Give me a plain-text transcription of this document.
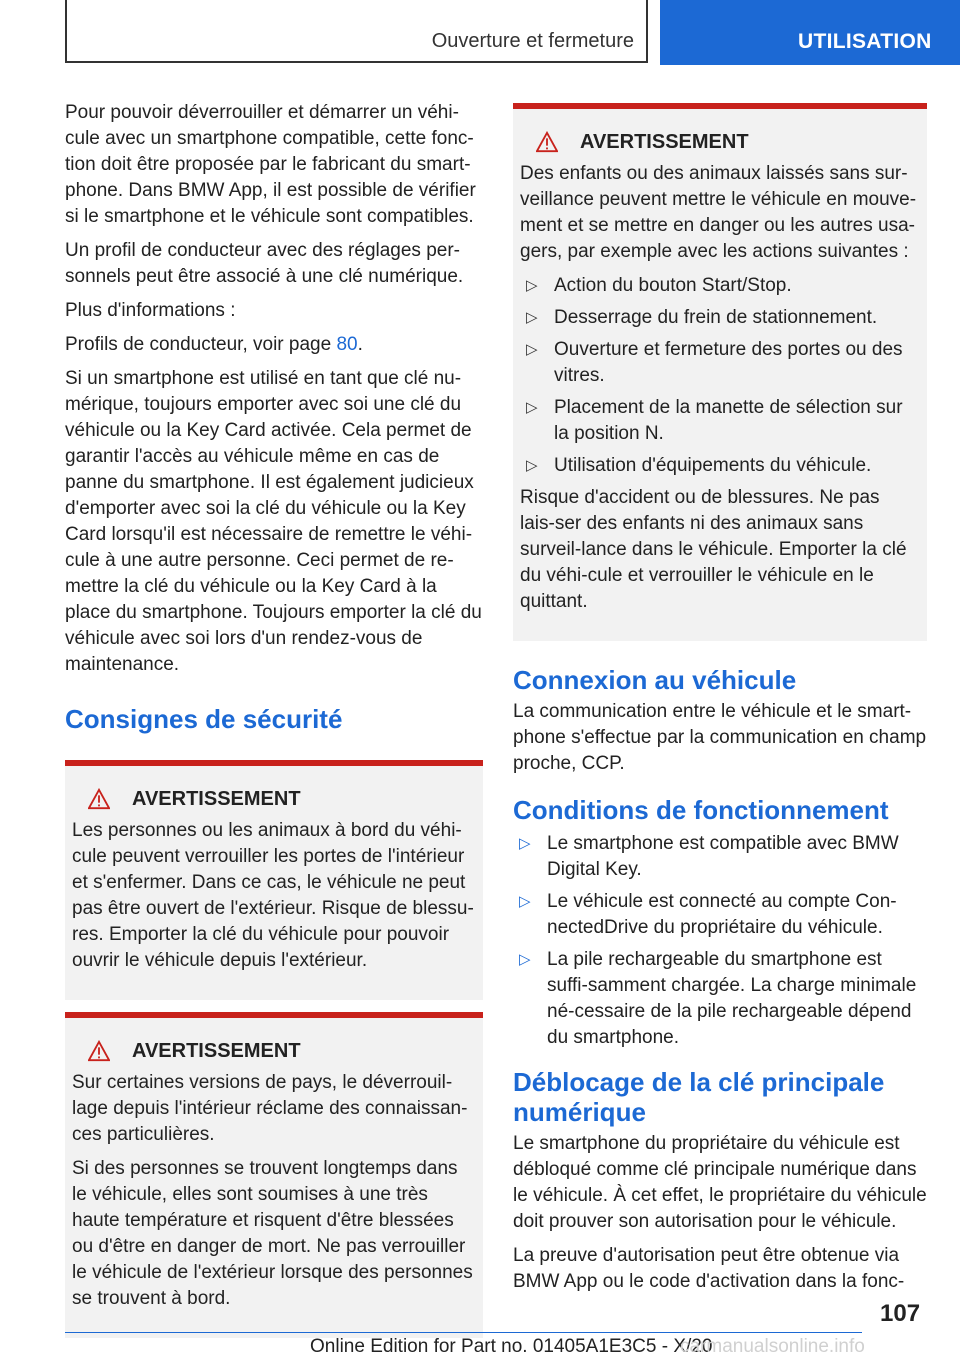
Ouverture et fermeture	UTILISATION

Pour pouvoir déverrouiller et démarrer un véhi-cule avec un smartphone compatible, cette fonc-tion doit être proposée par le fabricant du smart-phone. Dans BMW App, il est possible de vérifier si le smartphone et le véhicule sont compatibles.

Un profil de conducteur avec des réglages per-sonnels peut être associé à une clé numérique.

Plus d'informations :

Profils de conducteur, voir page 80.

Si un smartphone est utilisé en tant que clé nu-mérique, toujours emporter avec soi une clé du véhicule ou la Key Card activée. Cela permet de garantir l'accès au véhicule même en cas de panne du smartphone. Il est également judicieux d'emporter avec soi la clé du véhicule ou la Key Card lorsqu'il est nécessaire de remettre le véhi-cule à une autre personne. Ceci permet de re-mettre la clé du véhicule ou la Key Card à la place du smartphone. Toujours emporter la clé du véhicule avec soi lors d'un rendez-vous de maintenance.

Consignes de sécurité
AVERTISSEMENT

Les personnes ou les animaux à bord du véhi-cule peuvent verrouiller les portes de l'intérieur et s'enfermer. Dans ce cas, le véhicule ne peut pas être ouvert de l'extérieur. Risque de blessu-res. Emporter la clé du véhicule pour pouvoir ouvrir le véhicule depuis l'extérieur.

AVERTISSEMENT

Sur certaines versions de pays, le déverrouil-lage depuis l'intérieur réclame des connaissan-ces particulières.

Si des personnes se trouvent longtemps dans le véhicule, elles sont soumises à une très haute température et risquent d'être blessées ou d'être en danger de mort. Ne pas verrouiller le véhicule de l'extérieur lorsque des personnes se trouvent à bord.

AVERTISSEMENT

Des enfants ou des animaux laissés sans sur-veillance peuvent mettre le véhicule en mouve-ment et se mettre en danger ou les autres usa-gers, par exemple avec les actions suivantes :

▷ Action du bouton Start/Stop.
▷ Desserrage du frein de stationnement.
▷ Ouverture et fermeture des portes ou des vitres.
▷ Placement de la manette de sélection sur la position N.
▷ Utilisation d'équipements du véhicule.

Risque d'accident ou de blessures. Ne pas lais-ser des enfants ni des animaux sans surveil-lance dans le véhicule. Emporter la clé du véhi-cule et verrouiller le véhicule en le quittant.

Connexion au véhicule

La communication entre le véhicule et le smart-phone s'effectue par la communication en champ proche, CCP.

Conditions de fonctionnement
▷ Le smartphone est compatible avec BMW Digital Key.
▷ Le véhicule est connecté au compte Con-nectedDrive du propriétaire du véhicule.
▷ La pile rechargeable du smartphone est suffi-samment chargée. La charge minimale né-cessaire de la pile rechargeable dépend du smartphone.
Déblocage de la clé principale numérique

Le smartphone du propriétaire du véhicule est débloqué comme clé principale numérique dans le véhicule. À cet effet, le propriétaire du véhicule doit prouver son autorisation pour le véhicule.

La preuve d'autorisation peut être obtenue via BMW App ou le code d'activation dans la fonc-

107
Online Edition for Part no. 01405A1E3C5 - X/20
carmanualsonline.info
